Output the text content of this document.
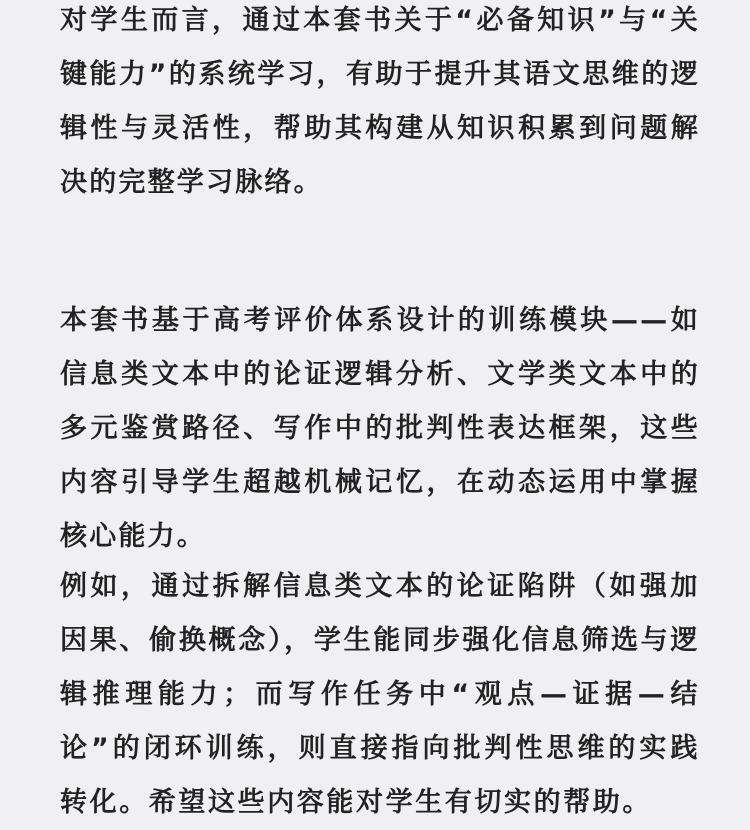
对学生而言，通过本套书关于“必备知识”与“关键能力”的系统学习，有助于提升其语文思维的逻辑性与灵活性，帮助其构建从知识积累到问题解决的完整学习脉络。

本套书基于高考评价体系设计的训练模块——如信息类文本中的论证逻辑分析、文学类文本中的多元鉴赏路径、写作中的批判性表达框架，这些内容引导学生超越机械记忆，在动态运用中掌握核心能力。

例如，通过拆解信息类文本的论证陷阱（如强加因果、偷换概念），学生能同步强化信息筛选与逻辑推理能力；而写作任务中“观点—证据—结论”的闭环训练，则直接指向批判性思维的实践转化。希望这些内容能对学生有切实的帮助。
